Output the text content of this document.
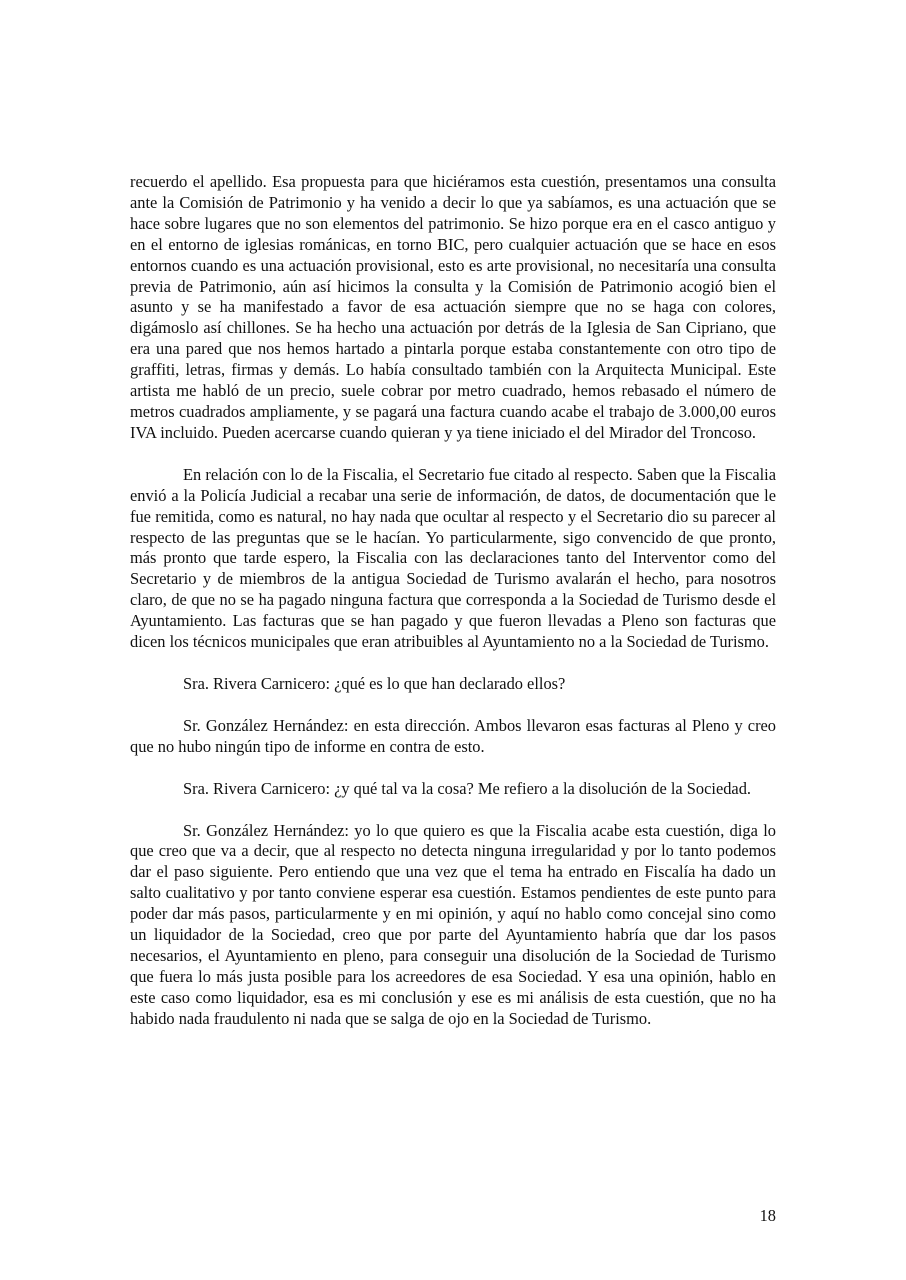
recuerdo el apellido. Esa propuesta para que hiciéramos esta cuestión, presentamos una consulta ante la Comisión de Patrimonio y ha venido a decir lo que ya sabíamos, es una actuación que se hace sobre lugares que no son elementos del patrimonio. Se hizo porque era en el casco antiguo y en el entorno de iglesias románicas, en torno BIC, pero cualquier actuación que se hace en esos entornos cuando es una actuación provisional, esto es arte provisional, no necesitaría una consulta previa de Patrimonio, aún así hicimos la consulta y la Comisión de Patrimonio acogió bien el asunto y se ha manifestado a favor de esa actuación siempre que no se haga con colores, digámoslo así chillones. Se ha hecho una actuación por detrás de la Iglesia de San Cipriano, que era una pared que nos hemos hartado a pintarla porque estaba constantemente con otro tipo de graffiti, letras, firmas y demás. Lo había consultado también con la Arquitecta Municipal. Este artista me habló de un precio, suele cobrar por metro cuadrado, hemos rebasado el número de metros cuadrados ampliamente, y se pagará una factura cuando acabe el trabajo de 3.000,00 euros IVA incluido. Pueden acercarse cuando quieran y ya tiene iniciado el del Mirador del Troncoso.

En relación con lo de la Fiscalia, el Secretario fue citado al respecto. Saben que la Fiscalia envió a la Policía Judicial a recabar una serie de información, de datos, de documentación que le fue remitida, como es natural, no hay nada que ocultar al respecto y el Secretario dio su parecer al respecto de las preguntas que se le hacían. Yo particularmente, sigo convencido de que pronto, más pronto que tarde espero, la Fiscalia con las declaraciones tanto del Interventor como del Secretario y de miembros de la antigua Sociedad de Turismo avalarán el hecho, para nosotros claro, de que no se ha pagado ninguna factura que corresponda a la Sociedad de Turismo desde el Ayuntamiento. Las facturas que se han pagado y que fueron llevadas a Pleno son facturas que dicen los técnicos municipales que eran atribuibles al Ayuntamiento no a la Sociedad de Turismo.

Sra. Rivera Carnicero: ¿qué es lo que han declarado ellos?

Sr. González Hernández: en esta dirección. Ambos llevaron esas facturas al Pleno y creo que no hubo ningún tipo de informe en contra de esto.

Sra. Rivera Carnicero: ¿y qué tal va la cosa? Me refiero a la disolución de la Sociedad.

Sr. González Hernández: yo lo que quiero es que la Fiscalia acabe esta cuestión, diga lo que creo que va a decir, que al respecto no detecta ninguna irregularidad y por lo tanto podemos dar el paso siguiente. Pero entiendo que una vez que el tema ha entrado en Fiscalía ha dado un salto cualitativo y por tanto conviene esperar esa cuestión. Estamos pendientes de este punto para poder dar más pasos, particularmente y en mi opinión, y aquí no hablo como concejal sino como un liquidador de la Sociedad, creo que por parte del Ayuntamiento habría que dar los pasos necesarios, el Ayuntamiento en pleno, para conseguir una disolución de la Sociedad de Turismo que fuera lo más justa posible para los acreedores de esa Sociedad. Y esa una opinión, hablo en este caso como liquidador, esa es mi conclusión y ese es mi análisis de esta cuestión, que no ha habido nada fraudulento ni nada que se salga de ojo en la Sociedad de Turismo.

18
